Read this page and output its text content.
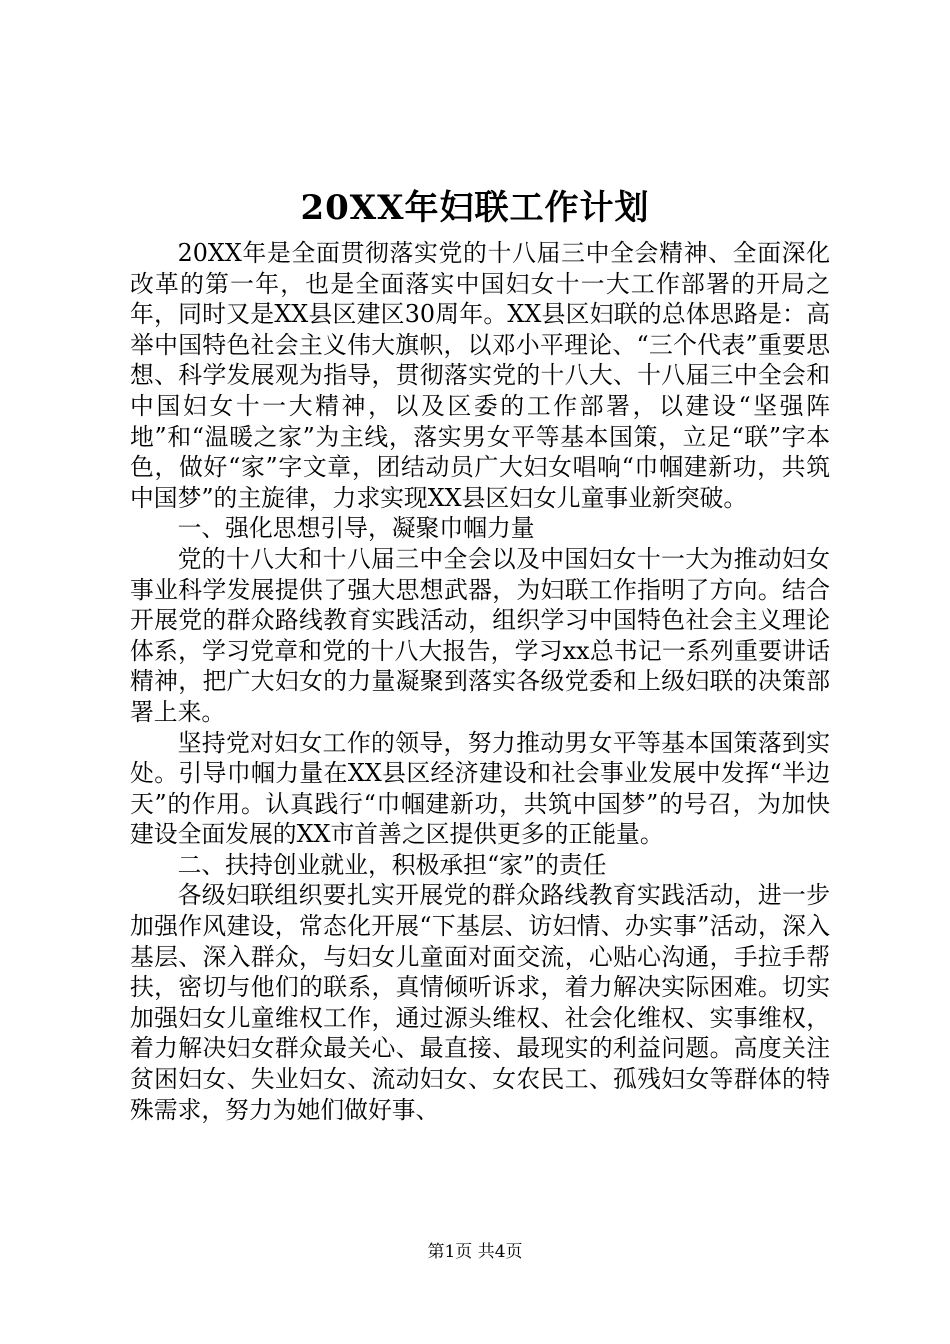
20XX年妇联工作计划

20XX年是全面贯彻落实党的十八届三中全会精神、全面深化改革的第一年，也是全面落实中国妇女十一大工作部署的开局之年，同时又是XX县区建区30周年。XX县区妇联的总体思路是：高举中国特色社会主义伟大旗帜，以邓小平理论、“三个代表”重要思想、科学发展观为指导，贯彻落实党的十八大、十八届三中全会和中国妇女十一大精神，以及区委的工作部署，以建设“坚强阵地”和“温暖之家”为主线，落实男女平等基本国策，立足“联”字本色，做好“家”字文章，团结动员广大妇女唱响“巾帼建新功，共筑中国梦”的主旋律，力求实现XX县区妇女儿童事业新突破。

一、强化思想引导，凝聚巾帼力量

党的十八大和十八届三中全会以及中国妇女十一大为推动妇女事业科学发展提供了强大思想武器，为妇联工作指明了方向。结合开展党的群众路线教育实践活动，组织学习中国特色社会主义理论体系，学习党章和党的十八大报告，学习xx总书记一系列重要讲话精神，把广大妇女的力量凝聚到落实各级党委和上级妇联的决策部署上来。

坚持党对妇女工作的领导，努力推动男女平等基本国策落到实处。引导巾帼力量在XX县区经济建设和社会事业发展中发挥“半边天”的作用。认真践行“巾帼建新功，共筑中国梦”的号召，为加快建设全面发展的XX市首善之区提供更多的正能量。

二、扶持创业就业，积极承担“家”的责任

各级妇联组织要扎实开展党的群众路线教育实践活动，进一步加强作风建设，常态化开展“下基层、访妇情、办实事”活动，深入基层、深入群众，与妇女儿童面对面交流，心贴心沟通，手拉手帮扶，密切与他们的联系，真情倾听诉求，着力解决实际困难。切实加强妇女儿童维权工作，通过源头维权、社会化维权、实事维权，着力解决妇女群众最关心、最直接、最现实的利益问题。高度关注贫困妇女、失业妇女、流动妇女、女农民工、孤残妇女等群体的特殊需求，努力为她们做好事、

第1页 共4页
